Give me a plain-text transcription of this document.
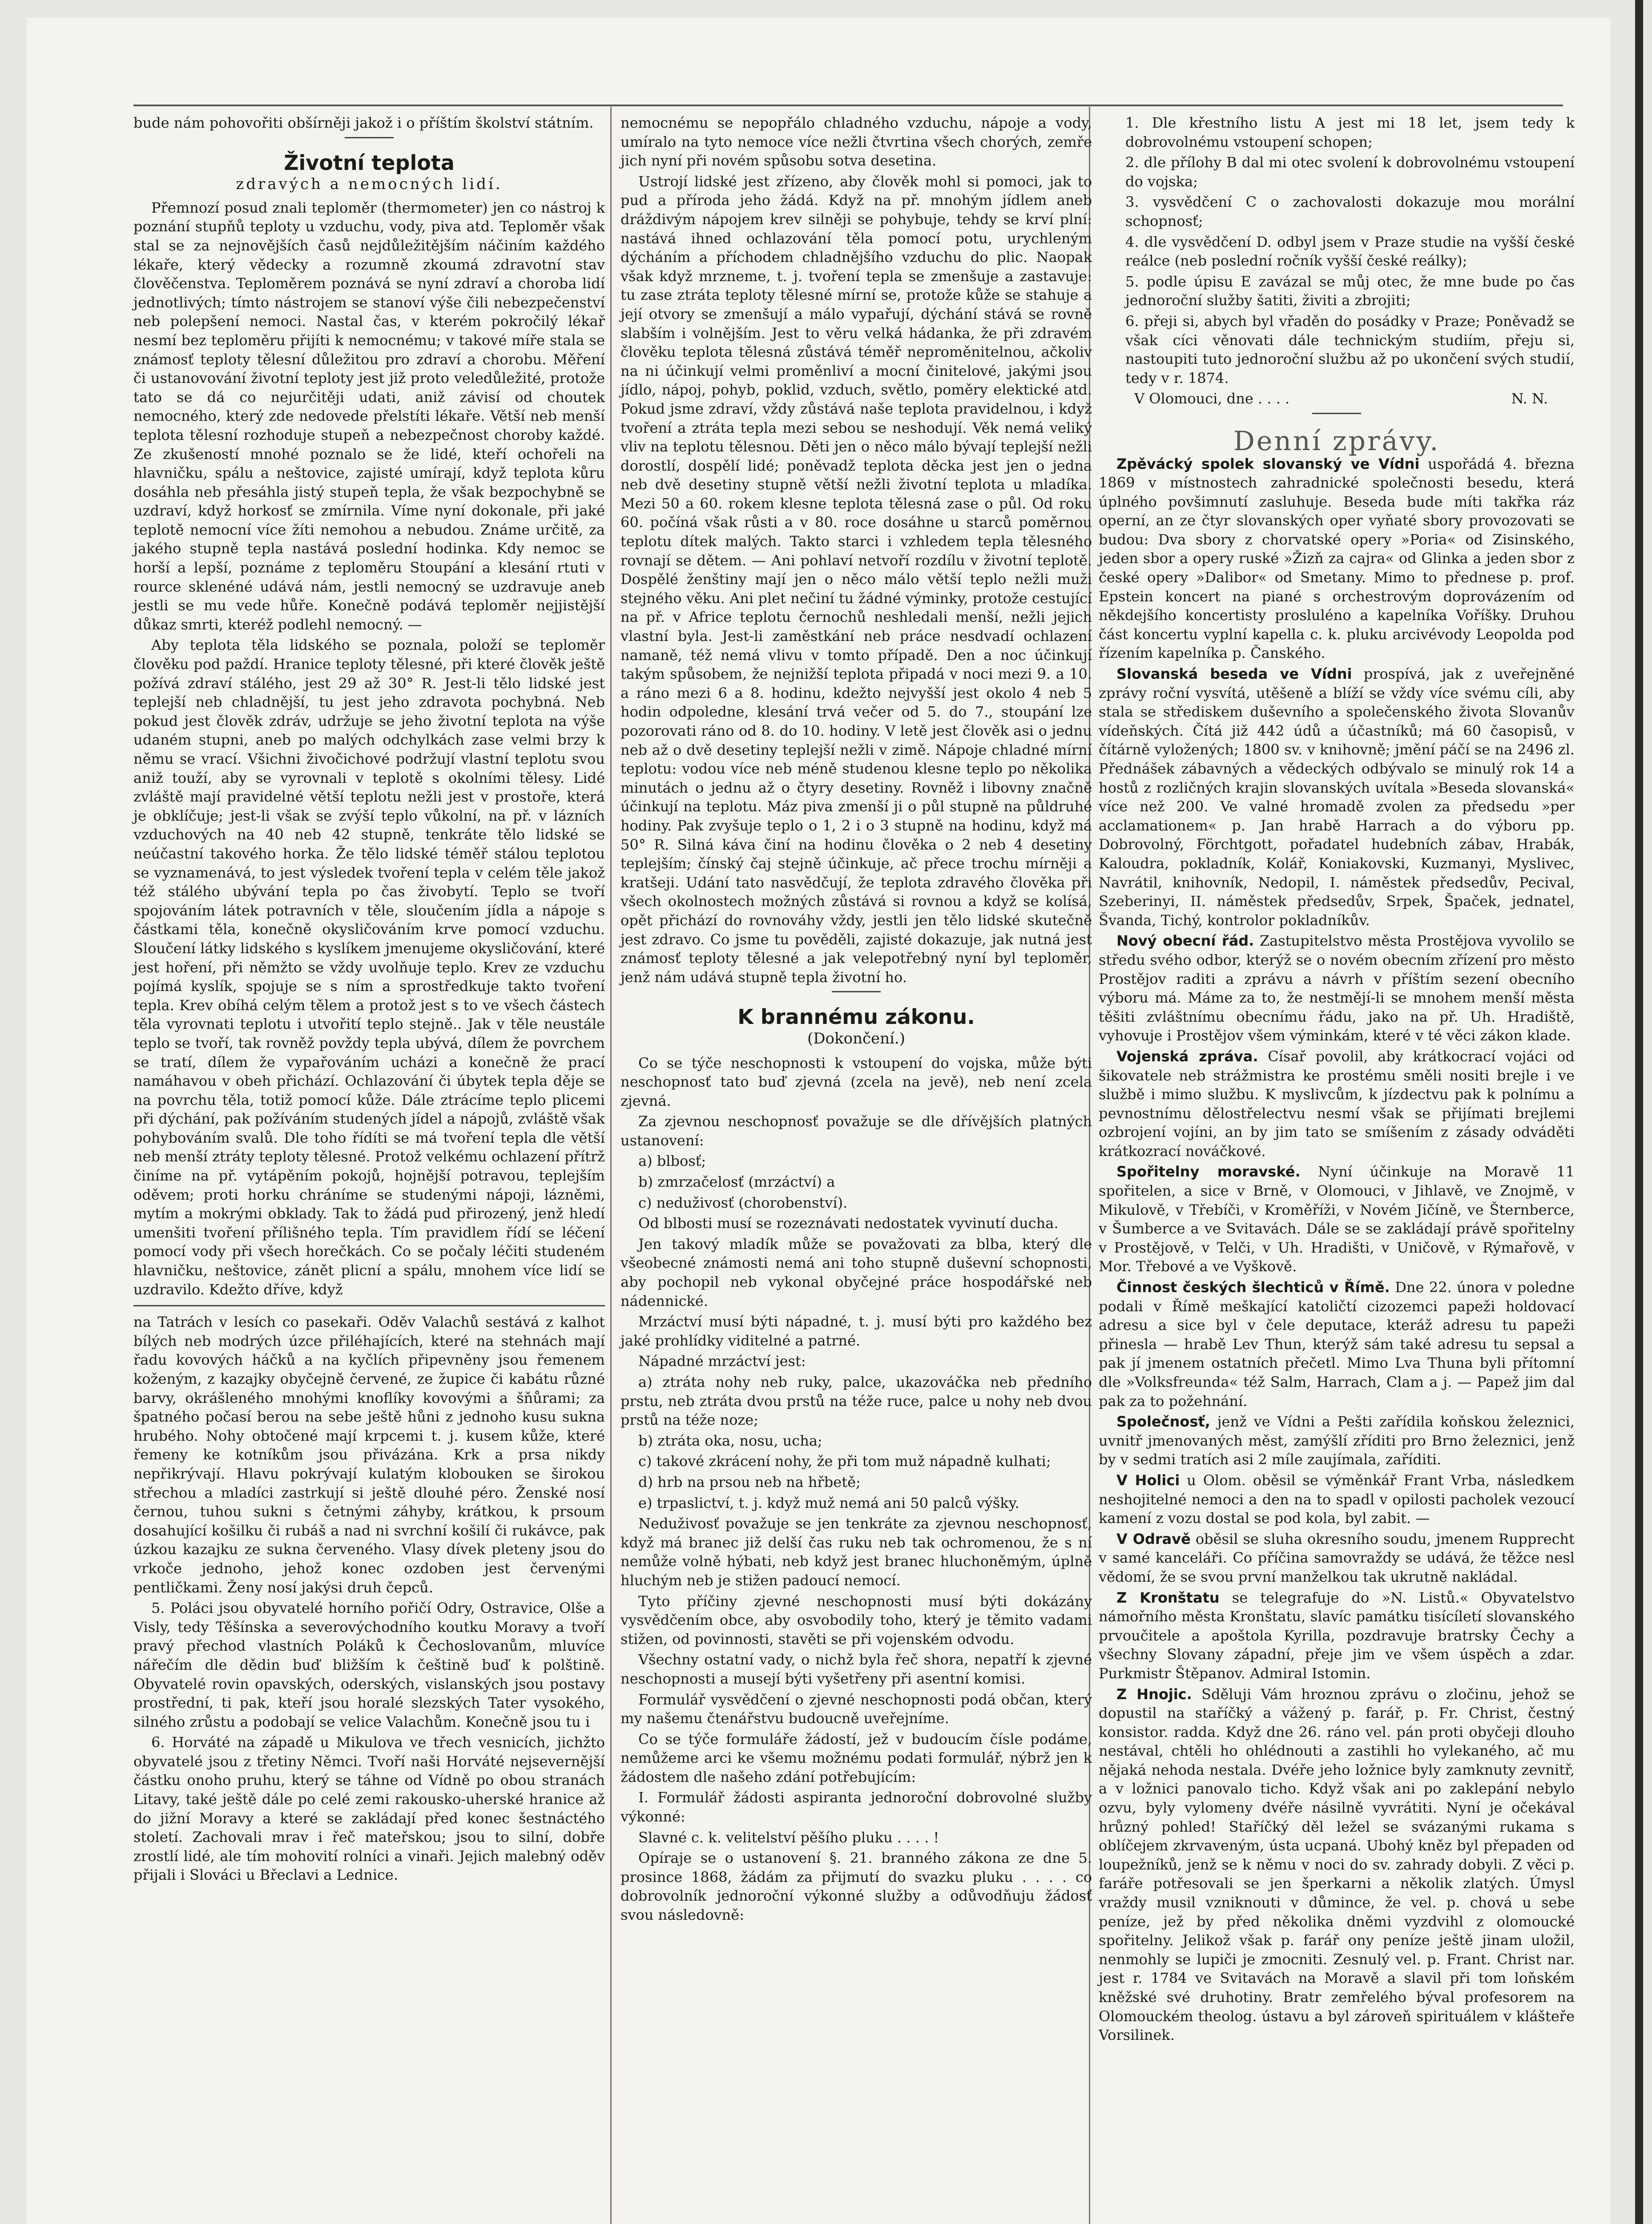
bude nám pohovořiti obšírněji jakož i o příštím školství státním.

Životní teplota
zdravých a nemocných lidí.

Přemnozí posud znali teploměr (thermometer) jen co nástroj k poznání stupňů teploty u vzduchu, vody, piva atd. Teploměr však stal se za nejnovějších časů nejdůležitějším náčiním každého lékaře, který vědecky a rozumně zkoumá zdravotní stav člověčenstva. Teploměrem poznává se nyní zdraví a choroba lidí jednotlivých; tímto nástrojem se stanoví výše čili nebezpečenství neb polepšení nemoci. Nastal čas, v kterém pokročilý lékař nesmí bez teploměru přijíti k nemocnému; v takové míře stala se známosť teploty tělesní důležitou pro zdraví a chorobu. Měření či ustanovování životní teploty jest již proto veledůležité, protože tato se dá co nejurčitěji udati, aniž závisí od choutek nemocného, který zde nedovede přelstíti lékaře. Větší neb menší teplota tělesní rozhoduje stupeň a nebezpečnost choroby každé. Ze zkušeností mnohé poznalo se že lidé, kteří ochořeli na hlavničku, spálu a neštovice, zajisté umírají, když teplota kůru dosáhla neb přesáhla jistý stupeň tepla, že však bezpochybně se uzdraví, když horkosť se zmírnila. Víme nyní dokonale, při jaké teplotě nemocní více žíti nemohou a nebudou. Známe určitě, za jakého stupně tepla nastává poslední hodinka. Kdy nemoc se horší a lepší, poznáme z teploměru Stoupání a klesání rtuti v rource sklenéné udává nám, jestli nemocný se uzdravuje aneb jestli se mu vede hůře. Konečně podává teploměr nejjistější důkaz smrti, kteréž podlehl nemocný. —

Aby teplota těla lidského se poznala, položí se teploměr člověku pod paždí. Hranice teploty tělesné, při které člověk ještě požívá zdraví stálého, jest 29 až 30° R. Jest-li tělo lidské jest teplejší neb chladnější, tu jest jeho zdravota pochybná. Neb pokud jest člověk zdráv, udržuje se jeho životní teplota na výše udaném stupni, aneb po malých odchylkách zase velmi brzy k němu se vrací. Všichni živočichové podržují vlastní teplotu svou aniž touží, aby se vyrovnali v teplotě s okolními tělesy. Lidé zvláště mají pravidelné větší teplotu nežli jest v prostoře, která je obklíčuje; jest-li však se zvýší teplo vůkolní, na př. v lázních vzduchových na 40 neb 42 stupně, tenkráte tělo lidské se neúčastní takového horka. Že tělo lidské téměř stálou teplotou se vyznamenává, to jest výsledek tvoření tepla v celém těle jakož též stálého ubývání tepla po čas živobytí. Teplo se tvoří spojováním látek potravních v těle, sloučením jídla a nápoje s částkami těla, konečně okysličováním krve pomocí vzduchu. Sloučení látky lidského s kyslíkem jmenujeme okysličování, které jest hoření, při němžto se vždy uvolňuje teplo. Krev ze vzduchu pojímá kyslík, spojuje se s ním a sprostředkuje takto tvoření tepla. Krev obíhá celým tělem a protož jest s to ve všech částech těla vyrovnati teplotu i utvořití teplo stejně.. Jak v těle neustále teplo se tvoří, tak rovněž povždy tepla ubývá, dílem že povrchem se tratí, dílem že vypařováním ucházi a konečně že prací namáhavou v obeh přichází. Ochlazování či úbytek tepla děje se na povrchu těla, totiž pomocí kůže. Dále ztrácíme teplo plicemi při dýchání, pak požíváním studených jídel a nápojů, zvláště však pohybováním svalů. Dle toho řídíti se má tvoření tepla dle větší neb menší ztráty teploty tělesné. Protož velkému ochlazení přítrž činíme na př. vytápěním pokojů, hojnější potravou, teplejším oděvem; proti horku chráníme se studenými nápoji, lázněmi, mytím a mokrými obklady. Tak to žádá pud přirozený, jenž hledí umenšiti tvoření přílišného tepla. Tím pravidlem řídí se léčení pomocí vody při všech horečkách. Co se počaly léčiti studeném hlavničku, neštovice, zánět plicní a spálu, mnohem více lidí se uzdravilo. Kdežto dříve, když

na Tatrách v lesích co pasekaři. Oděv Valachů sestává z kalhot bílých neb modrých úzce přiléhajících, které na stehnách mají řadu kovových háčků a na kyčlích připevněny jsou řemenem koženým, z kazajky obyčejně červené, ze župice či kabátu různé barvy, okrášleného mnohými knoflíky kovovými a šňůrami; za špatného počasí berou na sebe ještě hůni z jednoho kusu sukna hrubého. Nohy obtočené mají krpcemi t. j. kusem kůže, které řemeny ke kotníkům jsou přivázána. Krk a prsa nikdy nepřikrývají. Hlavu pokrývají kulatým klobouken se širokou střechou a mladíci zastrkují si ještě dlouhé péro. Ženské nosí černou, tuhou sukni s četnými záhyby, krátkou, k prsoum dosahující košilku či rubáš a nad ni svrchní košilí či rukávce, pak úzkou kazajku ze sukna červeného. Vlasy dívek pleteny jsou do vrkoče jednoho, jehož konec ozdoben jest červenými pentličkami. Ženy nosí jakýsi druh čepců.

5. Poláci jsou obyvatelé horního pořičí Odry, Ostravice, Olše a Visly, tedy Těšínska a severovýchodního koutku Moravy a tvoří pravý přechod vlastních Poláků k Čechoslovanům, mluvíce nářečím dle dědin buď bližším k češtině buď k polštině. Obyvatelé rovin opavských, oderských, vislanských jsou postavy prostřední, ti pak, kteří jsou horalé slezských Tater vysokého, silného zrůstu a podobají se velice Valachům. Konečně jsou tu i

6. Horváté na západě u Mikulova ve třech vesnicích, jichžto obyvatelé jsou z třetiny Němci. Tvoří naši Horváté nejsevernější částku onoho pruhu, který se táhne od Vídně po obou stranách Litavy, také ještě dále po celé zemi rakousko-uherské hranice až do jižní Moravy a které se zakládají před konec šestnáctého století. Zachovali mrav i řeč mateřskou; jsou to silní, dobře zrostlí lidé, ale tím mohovití rolníci a vinaři. Jejich malebný oděv přijali i Slováci u Břeclavi a Lednice.

nemocnému se nepopřálo chladného vzduchu, nápoje a vody, umíralo na tyto nemoce více nežli čtvrtina všech chorých, zemře jich nyní při novém spůsobu sotva desetina.

Ustrojí lidské jest zřízeno, aby člověk mohl si pomoci, jak to pud a příroda jeho žádá. Když na př. mnohým jídlem aneb dráždivým nápojem krev silněji se pohybuje, tehdy se krví plní: nastává ihned ochlazování těla pomocí potu, urychleným dýcháním a příchodem chladnějšího vzduchu do plic. Naopak však když mrzneme, t. j. tvoření tepla se zmenšuje a zastavuje: tu zase ztráta teploty tělesné mírní se, protože kůže se stahuje a její otvory se zmenšují a málo vypařují, dýchání stává se rovně slabším i volnějším. Jest to věru velká hádanka, že při zdravém člověku teplota tělesná zůstává téměř neproměnitelnou, ačkoliv na ni účinkují velmi proměnliví a mocní činitelové, jakými jsou jídlo, nápoj, pohyb, poklid, vzduch, světlo, poměry elektické atd. Pokud jsme zdraví, vždy zůstává naše teplota pravidelnou, i když tvoření a ztráta tepla mezi sebou se neshodují. Věk nemá veliký vliv na teplotu tělesnou. Děti jen o něco málo bývají teplejší nežli dorostlí, dospělí lidé; poněvadž teplota děcka jest jen o jedna neb dvě desetiny stupně větší nežli životní teplota u mladíka. Mezi 50 a 60. rokem klesne teplota tělesná zase o půl. Od roku 60. počíná však růsti a v 80. roce dosáhne u starců poměrnou teplotu dítek malých. Takto starci i vzhledem tepla tělesného rovnají se dětem. — Ani pohlaví netvoří rozdílu v životní teplotě. Dospělé ženštiny mají jen o něco málo větší teplo nežli muži stejného věku. Ani plet nečiní tu žádné výminky, protože cestující na př. v Africe teplotu černochů neshledali menší, nežli jejich vlastní byla. Jest-li zaměstkání neb práce nesdvadí ochlazení namaně, též nemá vlivu v tomto případě. Den a noc účinkují takým spůsobem, že nejnižší teplota připadá v noci mezi 9. a 10. a ráno mezi 6 a 8. hodinu, kdežto nejvyšší jest okolo 4 neb 5 hodin odpoledne, klesání trvá večer od 5. do 7., stoupání lze pozorovati ráno od 8. do 10. hodiny. V letě jest člověk asi o jednu neb až o dvě desetiny teplejší nežli v zimě. Nápoje chladné mírní teplotu: vodou více neb méně studenou klesne teplo po několika minutách o jednu až o čtyry desetiny. Rovněž i libovny značně účinkují na teplotu. Máz piva zmenší ji o půl stupně na půldruhé hodiny. Pak zvyšuje teplo o 1, 2 i o 3 stupně na hodinu, když má 50° R. Silná káva činí na hodinu člověka o 2 neb 4 desetiny teplejším; čínský čaj stejně účinkuje, ač přece trochu mírněji a kratšeji. Udání tato nasvědčují, že teplota zdravého člověka při všech okolnostech možných zůstává si rovnou a když se kolísá, opět přichází do rovnováhy vždy, jestli jen tělo lidské skutečně jest zdravo. Co jsme tu pověděli, zajisté dokazuje, jak nutná jest známosť teploty tělesné a jak velepotřebný nyní byl teploměr, jenž nám udává stupně tepla životní ho.

K brannému zákonu.
(Dokončení.)

Co se týče neschopnosti k vstoupení do vojska, může býti neschopnosť tato buď zjevná (zcela na jevě), neb není zcela zjevná.

Za zjevnou neschopnosť považuje se dle dřívějších platných ustanovení:

a) blbosť;

b) zmrzačelosť (mrzáctví) a

c) neduživosť (chorobenství).

Od blbosti musí se rozeznávati nedostatek vyvinutí ducha.

Jen takový mladík může se považovati za blba, který dle všeobecné známosti nemá ani toho stupně duševní schopnosti, aby pochopil neb vykonal obyčejné práce hospodářské neb nádennické.

Mrzáctví musí býti nápadné, t. j. musí býti pro každého bez jaké prohlídky viditelné a patrné.

Nápadné mrzáctví jest:

a) ztráta nohy neb ruky, palce, ukazováčka neb předního prstu, neb ztráta dvou prstů na téže ruce, palce u nohy neb dvou prstů na téže noze;

b) ztráta oka, nosu, ucha;

c) takové zkrácení nohy, že při tom muž nápadně kulhati;

d) hrb na prsou neb na hřbetě;

e) trpaslictví, t. j. když muž nemá ani 50 palců výšky.

Neduživosť považuje se jen tenkráte za zjevnou neschopnosť, když má branec již delší čas ruku neb tak ochromenou, že s ní nemůže volně hýbati, neb když jest branec hluchoněmým, úplně hluchým neb je stižen padoucí nemocí.

Tyto příčiny zjevné neschopnosti musí býti dokázány vysvědčením obce, aby osvobodily toho, který je těmito vadami stižen, od povinnosti, stavěti se při vojenském odvodu.

Všechny ostatní vady, o nichž byla řeč shora, nepatří k zjevné neschopnosti a musejí býti vyšetřeny při asentní komisi.

Formulář vysvědčení o zjevné neschopnosti podá občan, který my našemu čtenářstvu budoucně uveřejníme.

Co se týče formuláře žádostí, jež v budoucím čísle podáme, nemůžeme arci ke všemu možnému podati formulář, nýbrž jen k žádostem dle našeho zdání potřebujícím:

I. Formulář žádosti aspiranta jednoroční dobrovolné služby výkonné:

Slavné c. k. velitelství pěšího pluku . . . . !

Opíraje se o ustanovení §. 21. branného zákona ze dne 5. prosince 1868, žádám za přijmutí do svazku pluku . . . . co dobrovolník jednoroční výkonné služby a odůvodňuju žádosť svou následovně:

1. Dle křestního listu A jest mi 18 let, jsem tedy k dobrovolnému vstoupení schopen;

2. dle přílohy B dal mi otec svolení k dobrovolnému vstoupení do vojska;

3. vysvědčení C o zachovalosti dokazuje mou morální schopnosť;

4. dle vysvědčení D. odbyl jsem v Praze studie na vyšší české reálce (neb poslední ročník vyšší české reálky);

5. podle úpisu E zavázal se můj otec, že mne bude po čas jednoroční služby šatiti, živiti a zbrojiti;

6. přeji si, abych byl vřaděn do posádky v Praze; Poněvadž se však cíci věnovati dále technickým studiím, přeju si, nastoupiti tuto jednoroční službu až po ukončení svých studií, tedy v r. 1874.

V Olomouci, dne . . . .	N. N.
Denní zprávy.

Zpěvácký spolek slovanský ve Vídni uspořádá 4. března 1869 v místnostech zahradnické společnosti besedu, která úplného povšimnutí zasluhuje. Beseda bude míti takřka ráz operní, an ze čtyr slovanských oper vyňaté sbory provozovati se budou: Dva sbory z chorvatské opery »Poria« od Zisinského, jeden sbor a opery ruské »Žizň za cajra« od Glinka a jeden sbor z české opery »Dalibor« od Smetany. Mimo to přednese p. prof. Epstein koncert na piané s orchestrovým doprovázením od někdejšího koncertisty prosluléno a kapelníka Voříšky. Druhou část koncertu vyplní kapella c. k. pluku arcivévody Leopolda pod řízením kapelníka p. Čanského.

Slovanská beseda ve Vídni prospívá, jak z uveřejněné zprávy roční vysvítá, utěšeně a blíží se vždy více svému cíli, aby stala se střediskem duševního a společenského života Slovanův vídeňských. Čítá již 442 údů a účastníků; má 60 časopisů, v čítárně vyložených; 1800 sv. v knihovně; jmění páčí se na 2496 zl. Přednášek zábavných a vědeckých odbývalo se minulý rok 14 a hostů z rozličných krajin slovanských uvítala »Beseda slovanská« více než 200. Ve valné hromadě zvolen za předsedu »per acclamationem« p. Jan hrabě Harrach a do výboru pp. Dobrovolný, Förchtgott, pořadatel hudebních zábav, Hrabák, Kaloudra, pokladník, Kolář, Koniakovski, Kuzmanyi, Myslivec, Navrátil, knihovník, Nedopil, I. náměstek předsedův, Pecival, Szeberinyi, II. náměstek předsedův, Srpek, Špaček, jednatel, Švanda, Tichý, kontrolor pokladníkův.

Nový obecní řád. Zastupitelstvo města Prostějova vyvolilo se středu svého odbor, kterýž se o novém obecním zřízení pro město Prostějov raditi a zprávu a návrh v příštím sezení obecního výboru má. Máme za to, že nestmějí-li se mnohem menší města těšiti zvláštnímu obecnímu řádu, jako na př. Uh. Hradiště, vyhovuje i Prostějov všem výminkám, které v té věci zákon klade.

Vojenská zpráva. Císař povolil, aby krátkocrací vojáci od šikovatele neb strážmistra ke prostému směli nositi brejle i ve službě i mimo službu. K myslivcům, k jízdectvu pak k polnímu a pevnostnímu dělostřelectvu nesmí však se přijímati brejlemi ozbrojení vojíni, an by jim tato se smíšením z zásady odváděti krátkozrací nováčkové.

Spořitelny moravské. Nyní účinkuje na Moravě 11 spořitelen, a sice v Brně, v Olomouci, v Jihlavě, ve Znojmě, v Mikulově, v Třebíči, v Kroměříži, v Novém Jičíně, ve Šternberce, v Šumberce a ve Svitavách. Dále se se zakládají právě spořitelny v Prostějově, v Telči, v Uh. Hradišti, v Uničově, v Rýmařově, v Mor. Třebové a ve Vyškově.

Činnost českých šlechticů v Římě. Dne 22. února v poledne podali v Římě meškající katoličtí cizozemci papeži holdovací adresu a sice byl v čele deputace, kteráž adresu tu papeži přinesla — hrabě Lev Thun, kterýž sám také adresu tu sepsal a pak jí jmenem ostatních přečetl. Mimo Lva Thuna byli přítomní dle »Volksfreunda« též Salm, Harrach, Clam a j. — Papež jim dal pak za to požehnání.

Společnosť, jenž ve Vídni a Pešti zařídila koňskou železnici, uvnitř jmenovaných měst, zamýšlí zříditi pro Brno železnici, jenž by v sedmi tratích asi 2 míle zaujímala, zaříditi.

V Holici u Olom. oběsil se výměnkář Frant Vrba, následkem neshojitelné nemoci a den na to spadl v opilosti pacholek vezoucí kamení z vozu dostal se pod kola, byl zabit. —

V Odravě oběsil se sluha okresního soudu, jmenem Rupprecht v samé kanceláři. Co příčina samovraždy se udává, že těžce nesl vědomí, že se svou první manželkou tak ukrutně nakládal.

Z Kronštatu se telegrafuje do »N. Listů.« Obyvatelstvo námořního města Kronštatu, slavíc památku tisícíletí slovanského prvoučitele a apoštola Kyrilla, pozdravuje bratrsky Čechy a všechny Slovany západní, přeje jim ve všem úspěch a zdar. Purkmistr Štěpanov. Admiral Istomin.

Z Hnojic. Sděluji Vám hroznou zprávu o zločinu, jehož se dopustil na staříčký a vážený p. farář, p. Fr. Christ, čestný konsistor. radda. Když dne 26. ráno vel. pán proti obyčeji dlouho nestával, chtěli ho ohlédnouti a zastihli ho vylekaného, ač mu nějaká nehoda nestala. Dvéře jeho ložnice byly zamknuty zevnitř, a v ložnici panovalo ticho. Když však ani po zaklepání nebylo ozvu, byly vylomeny dvéře násilně vyvrátiti. Nyní je očekával hrůzný pohled! Staříčký děl ležel se svázanými rukama s oblíčejem zkrvaveným, ústa ucpaná. Ubohý kněz byl přepaden od loupežníků, jenž se k němu v noci do sv. zahrady dobyli. Z věci p. faráře potřesovali se jen šperkarni a několik zlatých. Úmysl vraždy musil vzniknouti v důmince, že vel. p. chová u sebe peníze, jež by před několika dněmi vyzdvihl z olomoucké spořitelny. Jelikož však p. farář ony peníze ještě jinam uložil, nenmohly se lupiči je zmocniti. Zesnulý vel. p. Frant. Christ nar. jest r. 1784 ve Svitavách na Moravě a slavil při tom loňském kněžské své druhotiny. Bratr zemřelého býval profesorem na Olomouckém theolog. ústavu a byl zároveň spirituálem v klášteře Vorsilinek.
